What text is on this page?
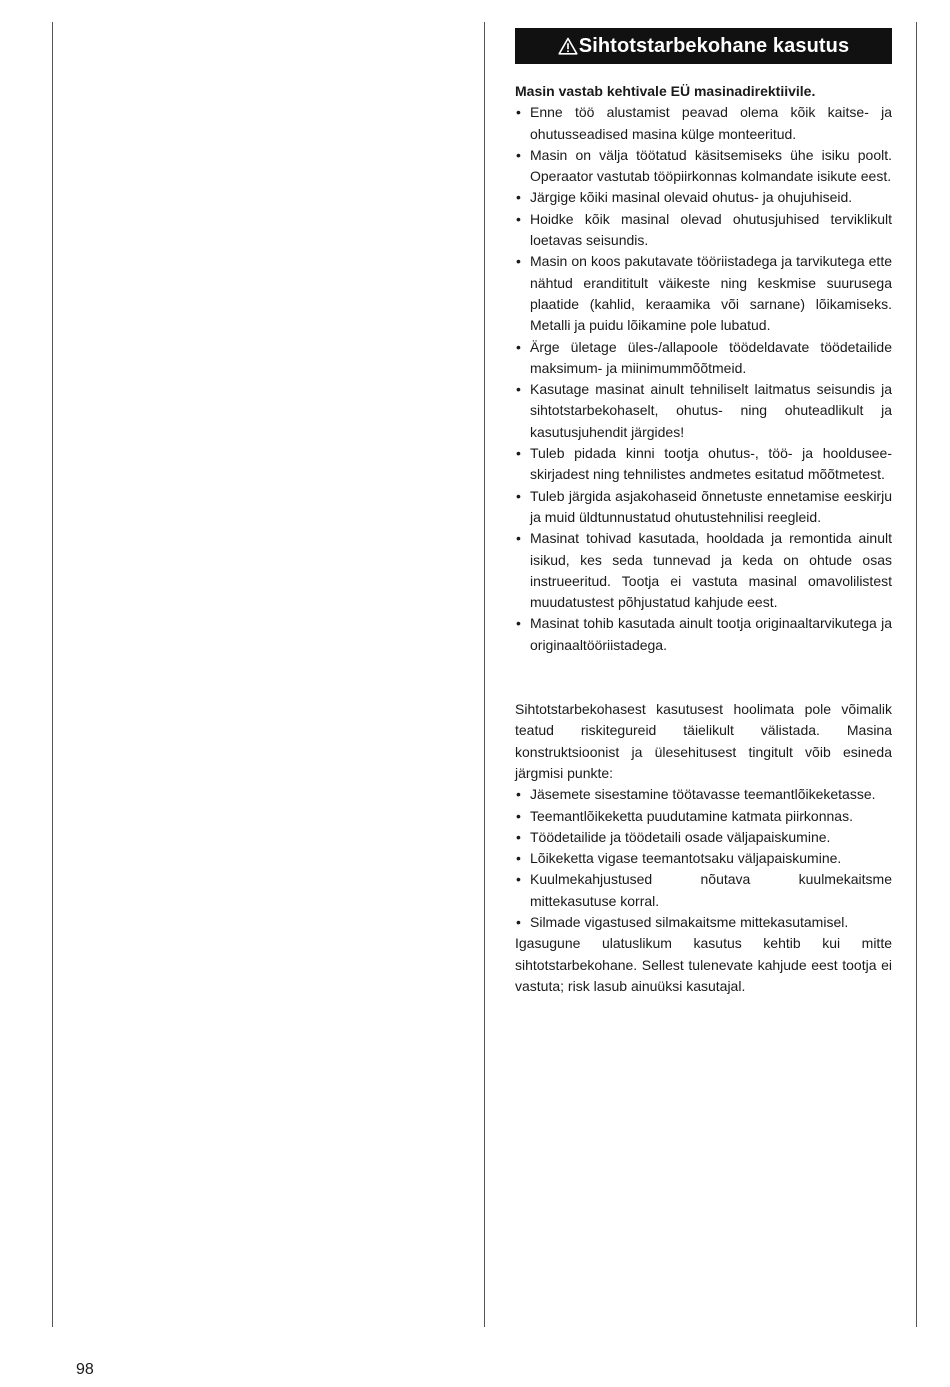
Sihtotstarbekohane kasutus
Masin vastab kehtivale EÜ masinadirektiivile.
• Enne töö alustamist peavad olema kõik kaitse- ja ohutusseadised masina külge monteeritud.
• Masin on välja töötatud käsitsemiseks ühe isiku poolt. Operaator vastutab tööpiirkonnas kolmandate isikute eest.
• Järgige kõiki masinal olevaid ohutus- ja ohujuhiseid.
• Hoidke kõik masinal olevad ohutusjuhised terviklikult loetavas seisundis.
• Masin on koos pakutavate tööriistadega ja tarvikutega ette nähtud erandititult väikeste ning keskmise suurusega plaatide (kahlid, keraamika või sarnane) lõikamiseks. Metalli ja puidu lõikamine pole lubatud.
• Ärge ületage üles-/allapoole töödeldavate töödetailide maksimum- ja miinimummõõtmeid.
• Kasutage masinat ainult tehniliselt laitmatus seisundis ja sihtotstarbekohaselt, ohutus- ning ohuteadlikult ja kasutusjuhendit järgides!
• Tuleb pidada kinni tootja ohutus-, töö- ja hoolduseeskirjadest ning tehnilistes andmetes esitatud mõõtmetest.
• Tuleb järgida asjakohaseid õnnetuste ennetamise eeskirju ja muid üldtunnustatud ohutustehnilisi reegleid.
• Masinat tohivad kasutada, hooldada ja remontida ainult isikud, kes seda tunnevad ja keda on ohtude osas instrueeritud. Tootja ei vastuta masinal omavolilistest muudatustest põhjustatud kahjude eest.
• Masinat tohib kasutada ainult tootja originaaltarvikutega ja originaaltööriistadega.

Sihtotstarbekohasest kasutusest hoolimata pole võimalik teatud riskitegureid täielikult välistada. Masina konstruktsioonist ja ülesehitusest tingitult võib esineda järgmisi punkte:

• Jäsemete sisestamine töötavasse teemantlõikeketasse.
• Teemantlõikeketta puudutamine katmata piirkonnas.
• Töödetailide ja töödetaili osade väljapaiskumine.
• Lõikeketta vigase teemantotsaku väljapaiskumine.
• Kuulmekahjustused nõutava kuulmekaitsme mittekasutuse korral.
• Silmade vigastused silmakaitsme mittekasutamisel.

Igasugune ulatuslikum kasutus kehtib kui mitte sihtotstarbekohane. Sellest tulenevate kahjude eest tootja ei vastuta; risk lasub ainuüksi kasutajal.

98
